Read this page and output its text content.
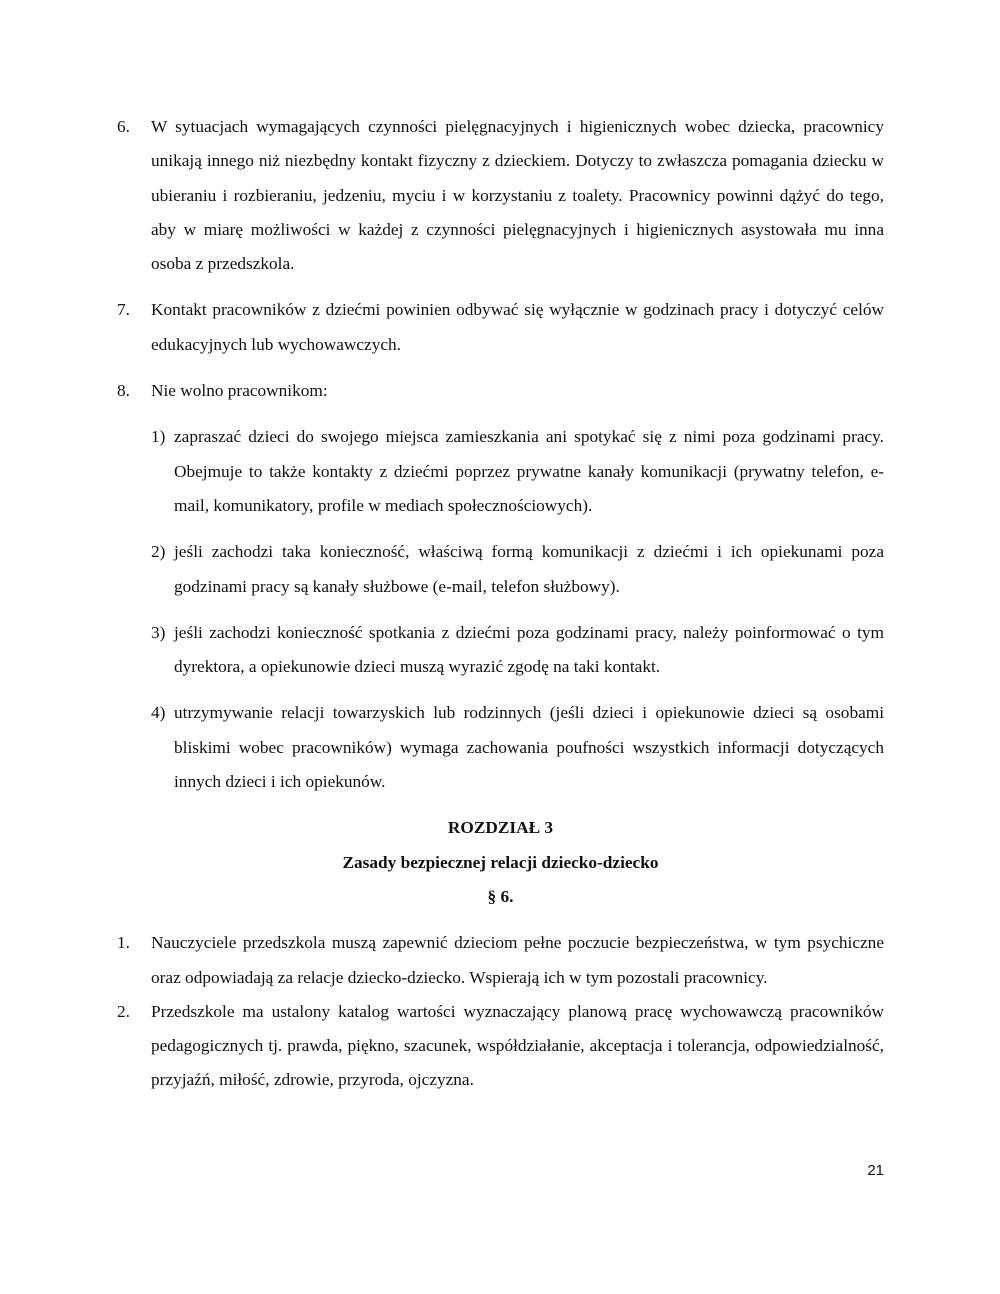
6. W sytuacjach wymagających czynności pielęgnacyjnych i higienicznych wobec dziecka, pracownicy unikają innego niż niezbędny kontakt fizyczny z dzieckiem. Dotyczy to zwłaszcza pomagania dziecku w ubieraniu i rozbieraniu, jedzeniu, myciu i w korzystaniu z toalety. Pracownicy powinni dążyć do tego, aby w miarę możliwości w każdej z czynności pielęgnacyjnych i higienicznych asystowała mu inna osoba z przedszkola.
7. Kontakt pracowników z dziećmi powinien odbywać się wyłącznie w godzinach pracy i dotyczyć celów edukacyjnych lub wychowawczych.
8. Nie wolno pracownikom:
1) zapraszać dzieci do swojego miejsca zamieszkania ani spotykać się z nimi poza godzinami pracy. Obejmuje to także kontakty z dziećmi poprzez prywatne kanały komunikacji (prywatny telefon, e-mail, komunikatory, profile w mediach społecznościowych).
2) jeśli zachodzi taka konieczność, właściwą formą komunikacji z dziećmi i ich opiekunami poza godzinami pracy są kanały służbowe (e-mail, telefon służbowy).
3) jeśli zachodzi konieczność spotkania z dziećmi poza godzinami pracy, należy poinformować o tym dyrektora, a opiekunowie dzieci muszą wyrazić zgodę na taki kontakt.
4) utrzymywanie relacji towarzyskich lub rodzinnych (jeśli dzieci i opiekunowie dzieci są osobami bliskimi wobec pracowników) wymaga zachowania poufności wszystkich informacji dotyczących innych dzieci i ich opiekunów.
ROZDZIAŁ 3
Zasady bezpiecznej relacji dziecko-dziecko
§ 6.
1. Nauczyciele przedszkola muszą zapewnić dzieciom pełne poczucie bezpieczeństwa, w tym psychiczne oraz odpowiadają za relacje dziecko-dziecko. Wspierają ich w tym pozostali pracownicy.
2. Przedszkole ma ustalony katalog wartości wyznaczający planową pracę wychowawczą pracowników pedagogicznych tj. prawda, piękno, szacunek, współdziałanie, akceptacja i tolerancja, odpowiedzialność, przyjaźń, miłość, zdrowie, przyroda, ojczyzna.
21
